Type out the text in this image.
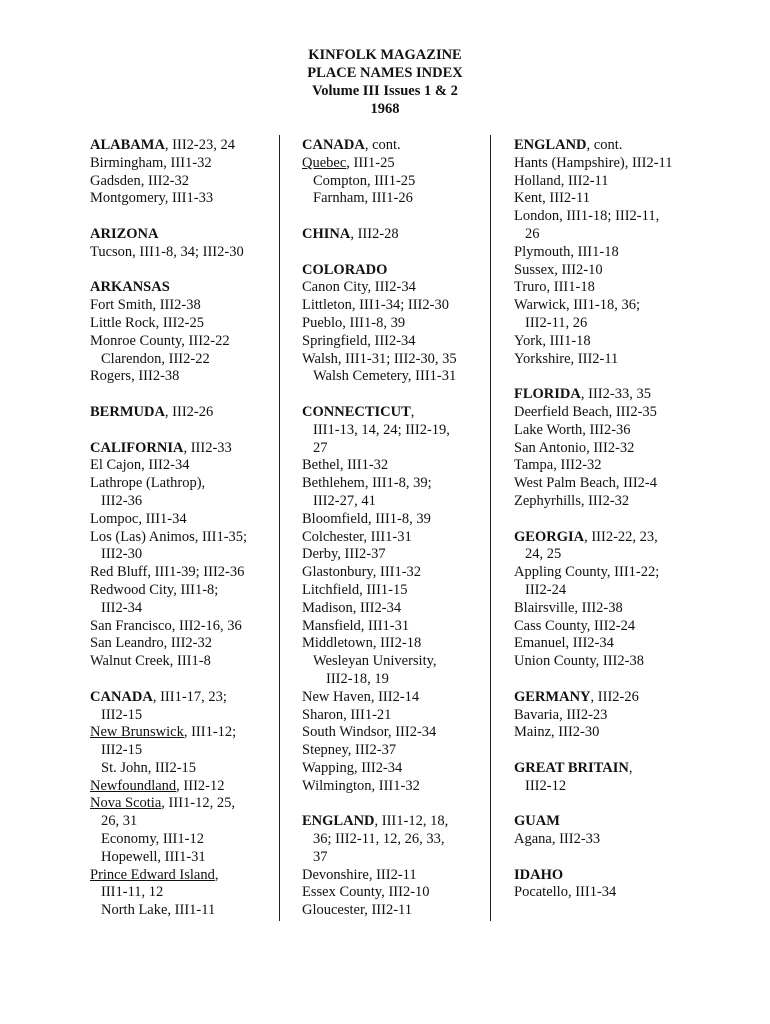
KINFOLK MAGAZINE
PLACE NAMES INDEX
Volume III Issues 1 & 2
1968
ALABAMA, III2-23, 24
Birmingham, III1-32
Gadsden, III2-32
Montgomery, III1-33
ARIZONA
Tucson, III1-8, 34; III2-30
ARKANSAS
Fort Smith, III2-38
Little Rock, III2-25
Monroe County, III2-22
Clarendon, III2-22
Rogers, III2-38
BERMUDA, III2-26
CALIFORNIA, III2-33
El Cajon, III2-34
Lathrope (Lathrop),
III2-36
Lompoc, III1-34
Los (Las) Animos, III1-35;
III2-30
Red Bluff, III1-39; III2-36
Redwood City, III1-8;
III2-34
San Francisco, III2-16, 36
San Leandro, III2-32
Walnut Creek, III1-8
CANADA, III1-17, 23;
III2-15
New Brunswick, III1-12;
III2-15
St. John, III2-15
Newfoundland, III2-12
Nova Scotia, III1-12, 25,
26, 31
Economy, III1-12
Hopewell, III1-31
Prince Edward Island,
III1-11, 12
North Lake, III1-11
CANADA, cont.
Quebec, III1-25
Compton, III1-25
Farnham, III1-26
CHINA, III2-28
COLORADO
Canon City, III2-34
Littleton, III1-34; III2-30
Pueblo, III1-8, 39
Springfield, III2-34
Walsh, III1-31; III2-30, 35
Walsh Cemetery, III1-31
CONNECTICUT,
III1-13, 14, 24; III2-19,
27
Bethel, III1-32
Bethlehem, III1-8, 39;
III2-27, 41
Bloomfield, III1-8, 39
Colchester, III1-31
Derby, III2-37
Glastonbury, III1-32
Litchfield, III1-15
Madison, III2-34
Mansfield, III1-31
Middletown, III2-18
Wesleyan University,
III2-18, 19
New Haven, III2-14
Sharon, III1-21
South Windsor, III2-34
Stepney, III2-37
Wapping, III2-34
Wilmington, III1-32
ENGLAND, III1-12, 18,
36; III2-11, 12, 26, 33,
37
Devonshire, III2-11
Essex County, III2-10
Gloucester, III2-11
ENGLAND, cont.
Hants (Hampshire), III2-11
Holland, III2-11
Kent, III2-11
London, III1-18; III2-11,
26
Plymouth, III1-18
Sussex, III2-10
Truro, III1-18
Warwick, III1-18, 36;
III2-11, 26
York, III1-18
Yorkshire, III2-11
FLORIDA, III2-33, 35
Deerfield Beach, III2-35
Lake Worth, III2-36
San Antonio, III2-32
Tampa, III2-32
West Palm Beach, III2-4
Zephyrhills, III2-32
GEORGIA, III2-22, 23,
24, 25
Appling County, III1-22;
III2-24
Blairsville, III2-38
Cass County, III2-24
Emanuel, III2-34
Union County, III2-38
GERMANY, III2-26
Bavaria, III2-23
Mainz, III2-30
GREAT BRITAIN,
III2-12
GUAM
Agana, III2-33
IDAHO
Pocatello, III1-34
